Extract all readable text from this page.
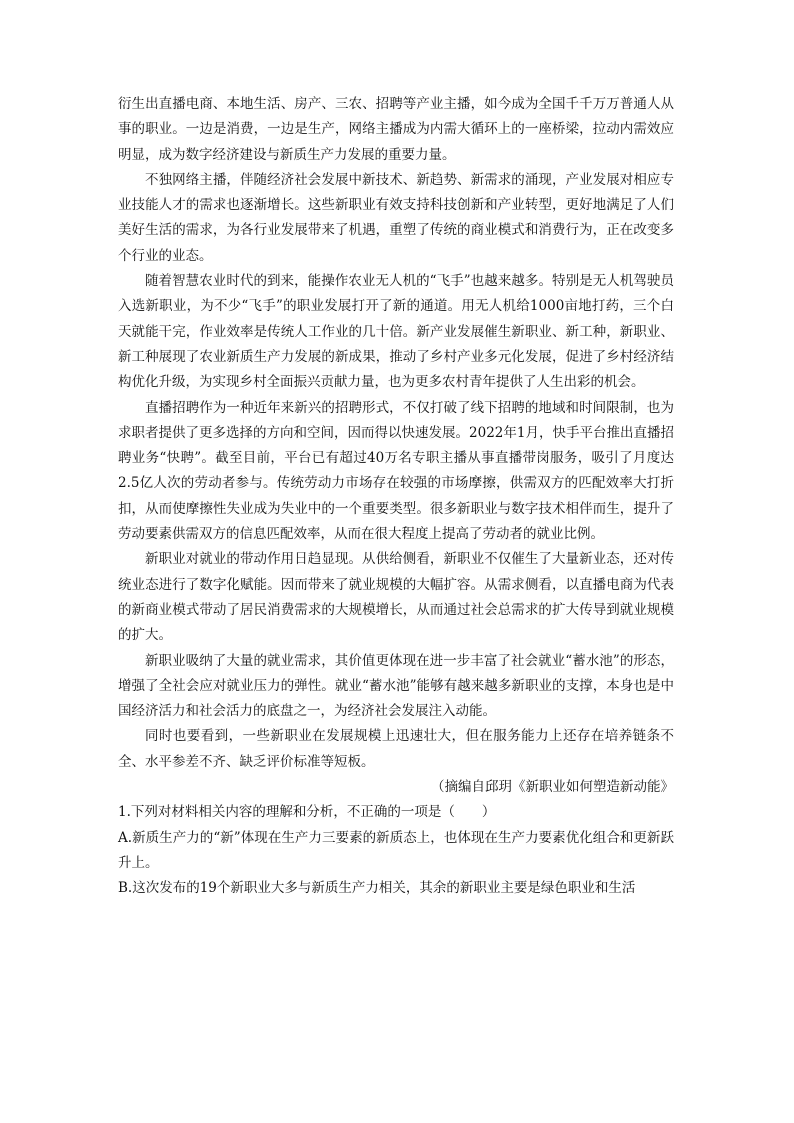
衍生出直播电商、本地生活、房产、三农、招聘等产业主播，如今成为全国千千万万普通人从事的职业。一边是消费，一边是生产，网络主播成为内需大循环上的一座桥梁，拉动内需效应明显，成为数字经济建设与新质生产力发展的重要力量。

不独网络主播，伴随经济社会发展中新技术、新趋势、新需求的涌现，产业发展对相应专业技能人才的需求也逐渐增长。这些新职业有效支持科技创新和产业转型，更好地满足了人们美好生活的需求，为各行业发展带来了机遇，重塑了传统的商业模式和消费行为，正在改变多个行业的业态。

随着智慧农业时代的到来，能操作农业无人机的“飞手”也越来越多。特别是无人机驾驶员入选新职业，为不少“飞手”的职业发展打开了新的通道。用无人机给1000亩地打药，三个白天就能干完，作业效率是传统人工作业的几十倍。新产业发展催生新职业、新工种，新职业、新工种展现了农业新质生产力发展的新成果，推动了乡村产业多元化发展，促进了乡村经济结构优化升级，为实现乡村全面振兴贡献力量，也为更多农村青年提供了人生出彩的机会。

直播招聘作为一种近年来新兴的招聘形式，不仅打破了线下招聘的地域和时间限制，也为求职者提供了更多选择的方向和空间，因而得以快速发展。2022年1月，快手平台推出直播招聘业务“快聘”。截至目前，平台已有超过40万名专职主播从事直播带岗服务，吸引了月度达2.5亿人次的劳动者参与。传统劳动力市场存在较强的市场摩擦，供需双方的匹配效率大打折扣，从而使摩擦性失业成为失业中的一个重要类型。很多新职业与数字技术相伴而生，提升了劳动要素供需双方的信息匹配效率，从而在很大程度上提高了劳动者的就业比例。

新职业对就业的带动作用日趋显现。从供给侧看，新职业不仅催生了大量新业态，还对传统业态进行了数字化赋能。因而带来了就业规模的大幅扩容。从需求侧看，以直播电商为代表的新商业模式带动了居民消费需求的大规模增长，从而通过社会总需求的扩大传导到就业规模的扩大。

新职业吸纳了大量的就业需求，其价值更体现在进一步丰富了社会就业“蓄水池”的形态，增强了全社会应对就业压力的弹性。就业“蓄水池”能够有越来越多新职业的支撑，本身也是中国经济活力和社会活力的底盘之一，为经济社会发展注入动能。

同时也要看到，一些新职业在发展规模上迅速壮大，但在服务能力上还存在培养链条不全、水平参差不齐、缺乏评价标准等短板。

（摘编自邱玥《新职业如何塑造新动能》

1.下列对材料相关内容的理解和分析，不正确的一项是（　　）

A.新质生产力的“新”体现在生产力三要素的新质态上，也体现在生产力要素优化组合和更新跃升上。

B.这次发布的19个新职业大多与新质生产力相关，其余的新职业主要是绿色职业和生活
